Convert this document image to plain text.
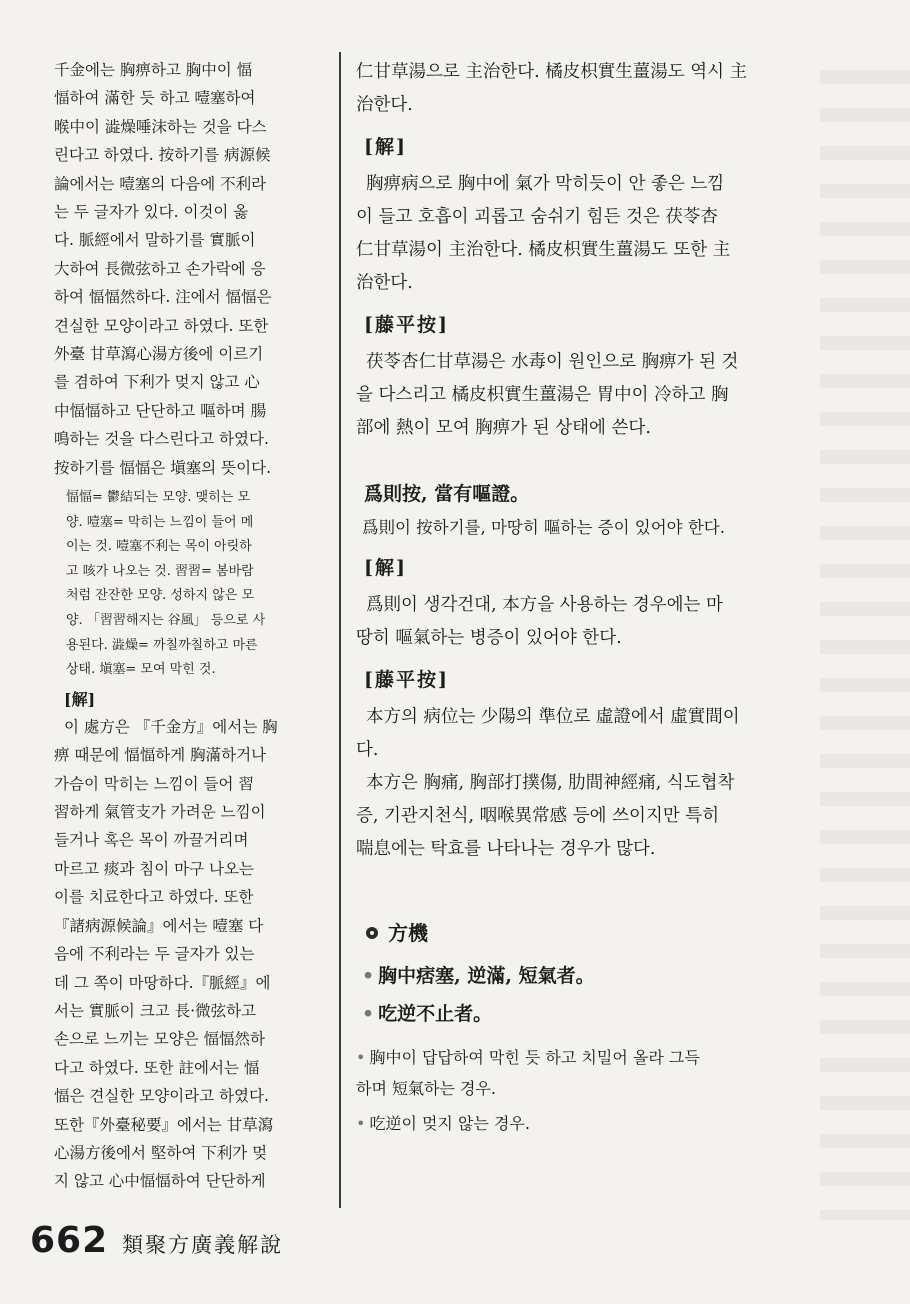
千金에는 胸痹하고 胸中이 愊

愊하여 滿한 듯 하고 噎塞하여

喉中이 澁燥唾沫하는 것을 다스

린다고 하였다. 按하기를 病源候

論에서는 噎塞의 다음에 不利라

는 두 글자가 있다. 이것이 옳

다. 脈經에서 말하기를 實脈이

大하여 長微弦하고 손가락에 응

하여 愊愊然하다. 注에서 愊愊은

견실한 모양이라고 하였다. 또한

外臺 甘草瀉心湯方後에 이르기

를 겸하여 下利가 멎지 않고 心

中愊愊하고 단단하고 嘔하며 腸

鳴하는 것을 다스린다고 하였다.

按하기를 愊愊은 塡塞의 뜻이다.

愊愊= 鬱結되는 모양. 맺히는 모

양. 噎塞= 막히는 느낌이 들어 메

이는 것. 噎塞不利는 목이 아릿하

고 咳가 나오는 것. 習習= 봄바람

처럼 잔잔한 모양. 성하지 않은 모

양. 「習習해지는 谷風」 등으로 사

용된다. 澁燥= 까칠까칠하고 마른

상태. 塡塞= 모여 막힌 것.

[解]

이 處方은 『千金方』에서는 胸

痹 때문에 愊愊하게 胸滿하거나

가슴이 막히는 느낌이 들어 習

習하게 氣管支가 가려운 느낌이

들거나 혹은 목이 까끌거리며

마르고 痰과 침이 마구 나오는

이를 치료한다고 하였다. 또한

『諸病源候論』에서는 噎塞 다

음에 不利라는 두 글자가 있는

데 그 쪽이 마땅하다.『脈經』에

서는 實脈이 크고 長·微弦하고

손으로 느끼는 모양은 愊愊然하

다고 하였다. 또한 註에서는 愊

愊은 견실한 모양이라고 하였다.

또한『外臺秘要』에서는 甘草瀉

心湯方後에서 堅하여 下利가 멎

지 않고 心中愊愊하여 단단하게

仁甘草湯으로 主治한다. 橘皮枳實生薑湯도 역시 主

治한다.

[解]

胸痹病으로 胸中에 氣가 막히듯이 안 좋은 느낌

이 들고 호흡이 괴롭고 숨쉬기 힘든 것은 茯苓杏

仁甘草湯이 主治한다. 橘皮枳實生薑湯도 또한 主

治한다.

[藤平按]

茯苓杏仁甘草湯은 水毒이 원인으로 胸痹가 된 것

을 다스리고 橘皮枳實生薑湯은 胃中이 冷하고 胸

部에 熱이 모여 胸痹가 된 상태에 쓴다.

爲則按, 當有嘔證。

爲則이 按하기를, 마땅히 嘔하는 증이 있어야 한다.

[解]

爲則이 생각건대, 本方을 사용하는 경우에는 마

땅히 嘔氣하는 병증이 있어야 한다.

[藤平按]

本方의 病位는 少陽의 準位로 虛證에서 虛實間이

다.

本方은 胸痛, 胸部打撲傷, 肋間神經痛, 식도협착

증, 기관지천식, 咽喉異常感 등에 쓰이지만 특히

喘息에는 탁효를 나타나는 경우가 많다.

方機

• 胸中痞塞, 逆滿, 短氣者。

• 吃逆不止者。

• 胸中이 답답하여 막힌 듯 하고 치밀어 올라 그득

하며 短氣하는 경우.

• 吃逆이 멎지 않는 경우.

662 類聚方廣義解說
